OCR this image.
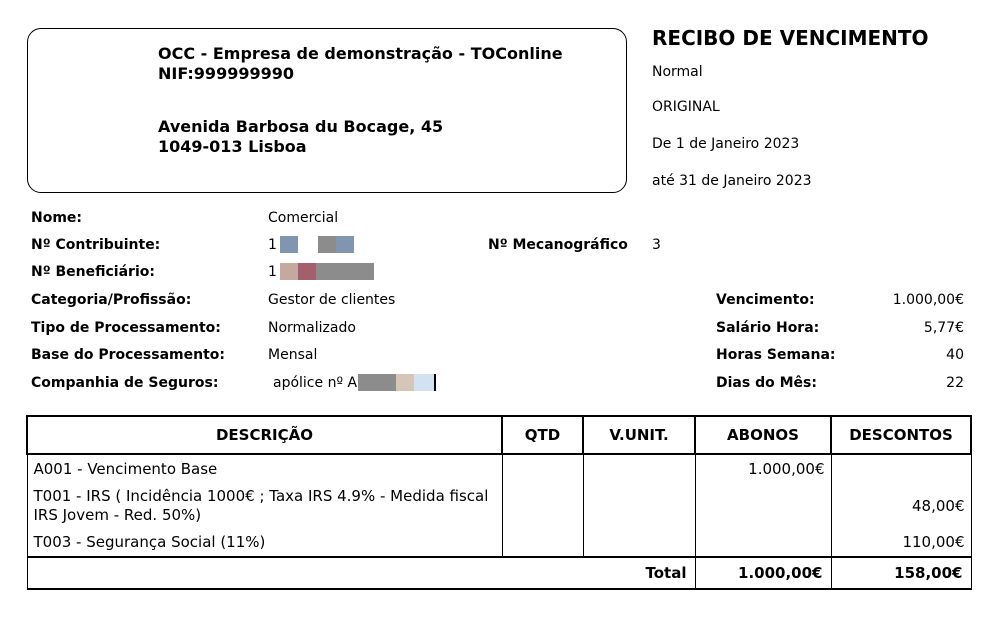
OCC - Empresa de demonstração - TOConline
NIF:999999990
Avenida Barbosa du Bocage, 45
1049-013 Lisboa
RECIBO DE VENCIMENTO
Normal
ORIGINAL
De 1 de Janeiro 2023
até 31 de Janeiro 2023
Nome:	Comercial
Nº Contribuinte:	1	Nº Mecanográfico 3
Nº Beneficiário:	1
Categoria/Profissão:	Gestor de clientes
Tipo de Processamento:	Normalizado
Base do Processamento:	Mensal
Companhia de Seguros:	apólice nº A
Vencimento:	1.000,00€
Salário Hora:	5,77€
Horas Semana:	40
Dias do Mês:	22
DESCRIÇÃO	QTD	V.UNIT.	ABONOS	DESCONTOS
A001 - Vencimento Base			1.000,00€	
T001 - IRS ( Incidência 1000€ ; Taxa IRS 4.9% - Medida fiscal IRS Jovem - Red. 50%)				48,00€
T003 - Segurança Social (11%)				110,00€
Total			1.000,00€	158,00€
